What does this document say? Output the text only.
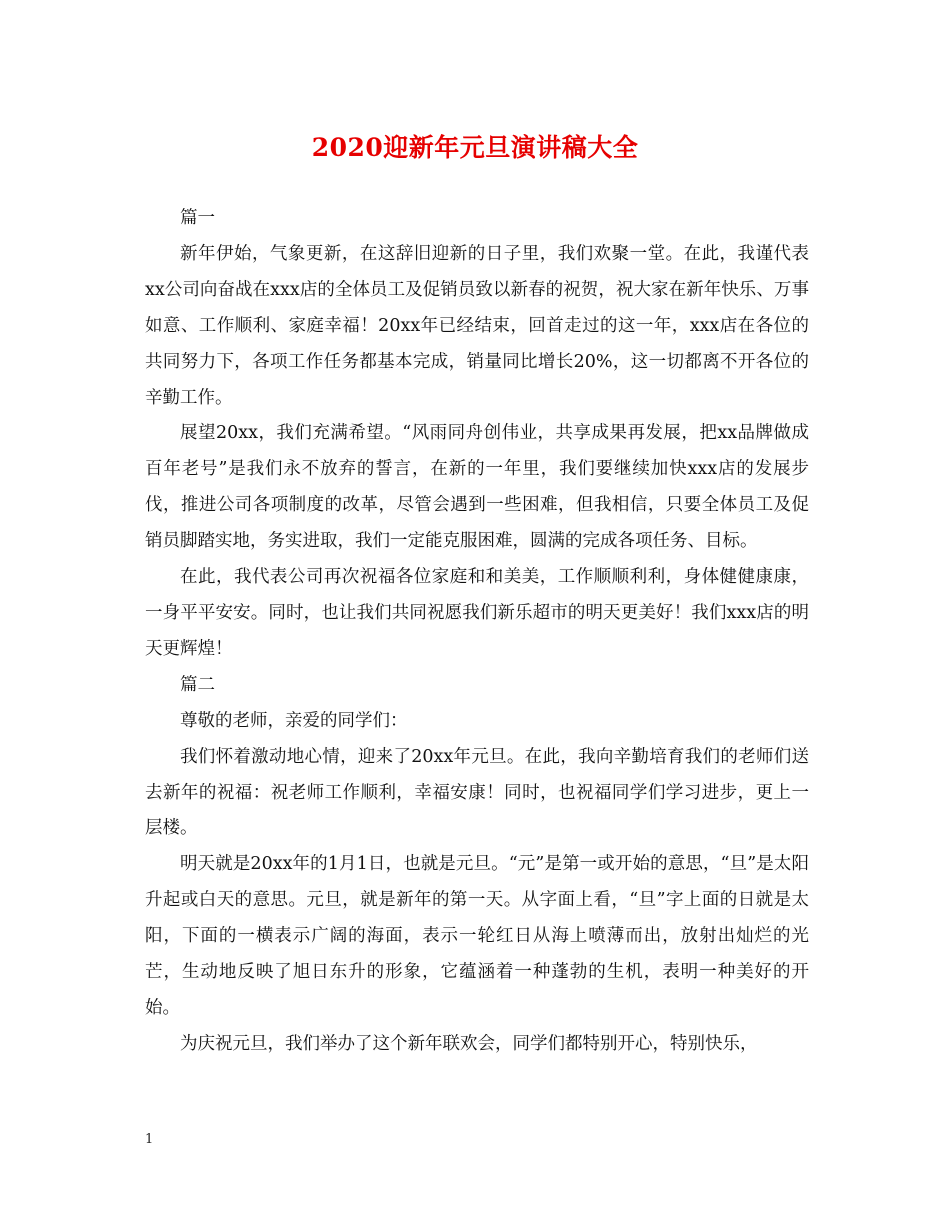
2020迎新年元旦演讲稿大全

篇一

新年伊始，气象更新，在这辞旧迎新的日子里，我们欢聚一堂。在此，我谨代表xx公司向奋战在xxx店的全体员工及促销员致以新春的祝贺，祝大家在新年快乐、万事如意、工作顺利、家庭幸福！20xx年已经结束，回首走过的这一年，xxx店在各位的共同努力下，各项工作任务都基本完成，销量同比增长20%，这一切都离不开各位的辛勤工作。

展望20xx，我们充满希望。“风雨同舟创伟业，共享成果再发展，把xx品牌做成百年老号”是我们永不放弃的誓言，在新的一年里，我们要继续加快xxx店的发展步伐，推进公司各项制度的改革，尽管会遇到一些困难，但我相信，只要全体员工及促销员脚踏实地，务实进取，我们一定能克服困难，圆满的完成各项任务、目标。

在此，我代表公司再次祝福各位家庭和和美美，工作顺顺利利，身体健健康康，一身平平安安。同时，也让我们共同祝愿我们新乐超市的明天更美好！我们xxx店的明天更辉煌！

篇二

尊敬的老师，亲爱的同学们：

我们怀着激动地心情，迎来了20xx年元旦。在此，我向辛勤培育我们的老师们送去新年的祝福：祝老师工作顺利，幸福安康！同时，也祝福同学们学习进步，更上一层楼。

明天就是20xx年的1月1日，也就是元旦。“元”是第一或开始的意思，“旦”是太阳升起或白天的意思。元旦，就是新年的第一天。从字面上看，“旦”字上面的日就是太阳，下面的一横表示广阔的海面，表示一轮红日从海上喷薄而出，放射出灿烂的光芒，生动地反映了旭日东升的形象，它蕴涵着一种蓬勃的生机，表明一种美好的开始。

为庆祝元旦，我们举办了这个新年联欢会，同学们都特别开心，特别快乐，

1
